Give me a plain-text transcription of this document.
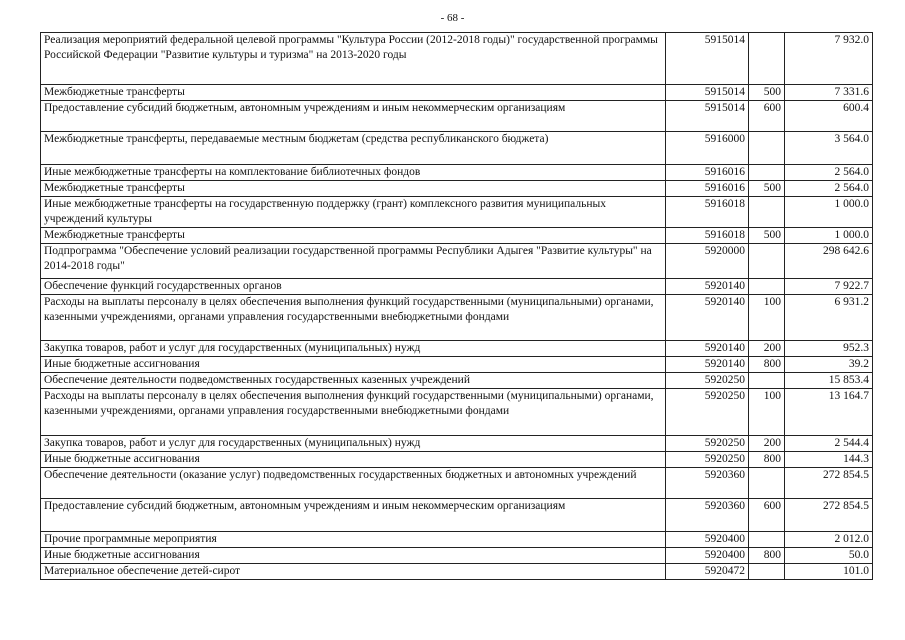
- 68 -
Реализация мероприятий федеральной целевой программы "Культура России (2012-2018 годы)" государственной программы Российской Федерации "Развитие культуры и туризма" на 2013-2020 годы	5915014		7 932.0
Межбюджетные трансферты	5915014	500	7 331.6
Предоставление субсидий бюджетным, автономным учреждениям и иным некоммерческим организациям	5915014	600	600.4
Межбюджетные трансферты, передаваемые местным бюджетам (средства республиканского бюджета)	5916000		3 564.0
Иные межбюджетные трансферты на комплектование библиотечных фондов	5916016		2 564.0
Межбюджетные трансферты	5916016	500	2 564.0
Иные межбюджетные трансферты на государственную поддержку (грант) комплексного развития муниципальных учреждений культуры	5916018		1 000.0
Межбюджетные трансферты	5916018	500	1 000.0
Подпрограмма "Обеспечение условий реализации государственной программы Республики Адыгея "Развитие культуры" на 2014-2018 годы"	5920000		298 642.6
Обеспечение функций государственных органов	5920140		7 922.7
Расходы на выплаты персоналу в целях обеспечения выполнения функций государственными (муниципальными) органами, казенными учреждениями, органами управления государственными внебюджетными фондами	5920140	100	6 931.2
Закупка товаров, работ и услуг для государственных (муниципальных) нужд	5920140	200	952.3
Иные бюджетные ассигнования	5920140	800	39.2
Обеспечение деятельности подведомственных государственных казенных учреждений	5920250		15 853.4
Расходы на выплаты персоналу в целях обеспечения выполнения функций государственными (муниципальными) органами, казенными учреждениями, органами управления государственными внебюджетными фондами	5920250	100	13 164.7
Закупка товаров, работ и услуг для государственных (муниципальных) нужд	5920250	200	2 544.4
Иные бюджетные ассигнования	5920250	800	144.3
Обеспечение деятельности (оказание услуг) подведомственных государственных бюджетных и автономных учреждений	5920360		272 854.5
Предоставление субсидий бюджетным, автономным учреждениям и иным некоммерческим организациям	5920360	600	272 854.5
Прочие программные мероприятия	5920400		2 012.0
Иные бюджетные ассигнования	5920400	800	50.0
Материальное обеспечение детей-сирот	5920472		101.0
